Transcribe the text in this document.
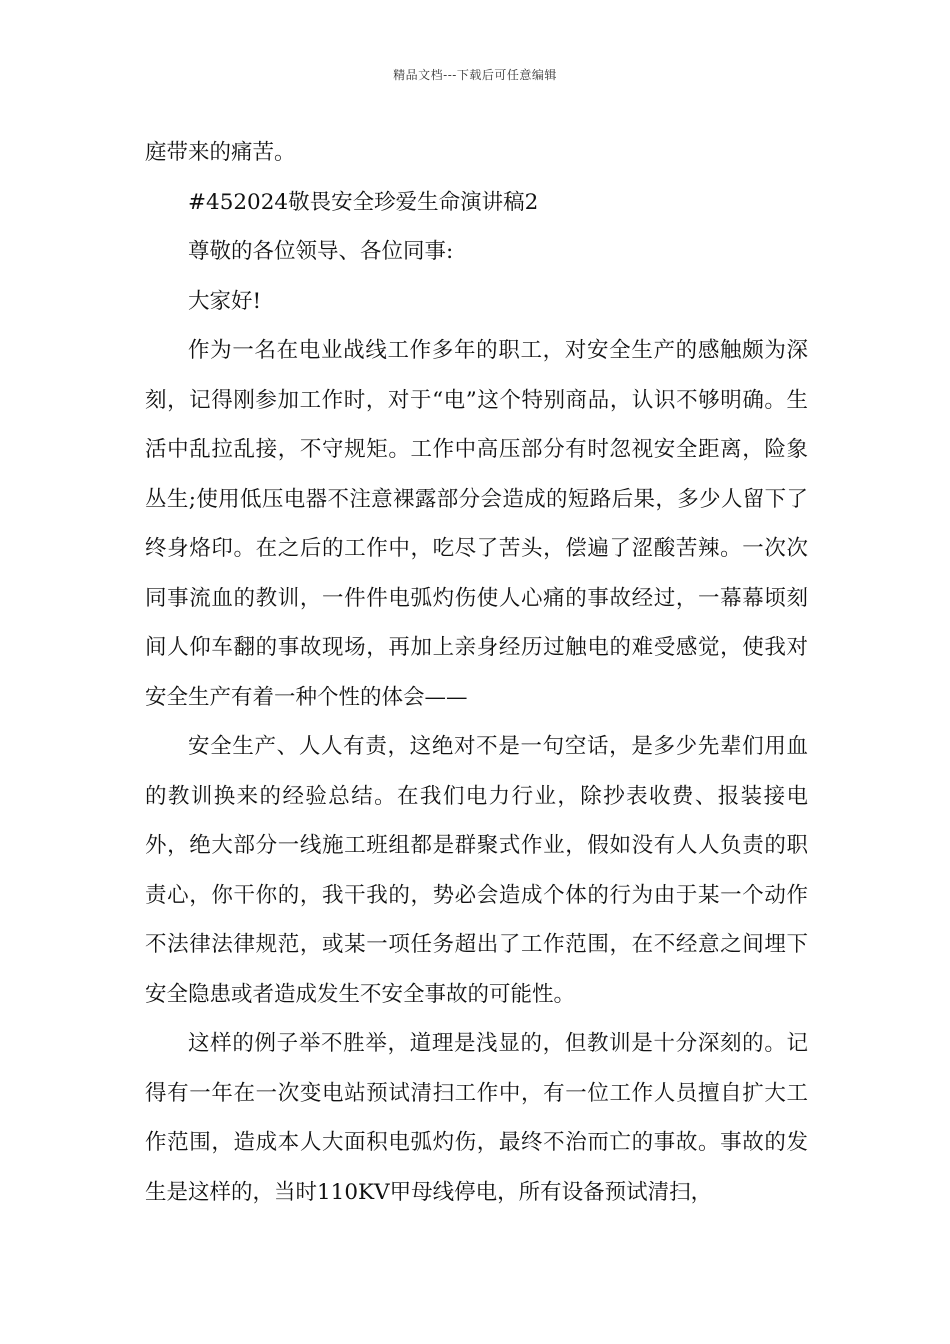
精品文档---下载后可任意编辑

庭带来的痛苦。

#452024敬畏安全珍爱生命演讲稿2

尊敬的各位领导、各位同事:

大家好!

作为一名在电业战线工作多年的职工，对安全生产的感触颇为深刻，记得刚参加工作时，对于“电”这个特别商品，认识不够明确。生活中乱拉乱接，不守规矩。工作中高压部分有时忽视安全距离，险象丛生;使用低压电器不注意裸露部分会造成的短路后果，多少人留下了终身烙印。在之后的工作中，吃尽了苦头，偿遍了涩酸苦辣。一次次同事流血的教训，一件件电弧灼伤使人心痛的事故经过，一幕幕顷刻间人仰车翻的事故现场，再加上亲身经历过触电的难受感觉，使我对安全生产有着一种个性的体会——

安全生产、人人有责，这绝对不是一句空话，是多少先辈们用血的教训换来的经验总结。在我们电力行业，除抄表收费、报装接电外，绝大部分一线施工班组都是群聚式作业，假如没有人人负责的职责心，你干你的，我干我的，势必会造成个体的行为由于某一个动作不法律法律规范，或某一项任务超出了工作范围，在不经意之间埋下安全隐患或者造成发生不安全事故的可能性。

这样的例子举不胜举，道理是浅显的，但教训是十分深刻的。记得有一年在一次变电站预试清扫工作中，有一位工作人员擅自扩大工作范围，造成本人大面积电弧灼伤，最终不治而亡的事故。事故的发生是这样的，当时110KV甲母线停电，所有设备预试清扫，
